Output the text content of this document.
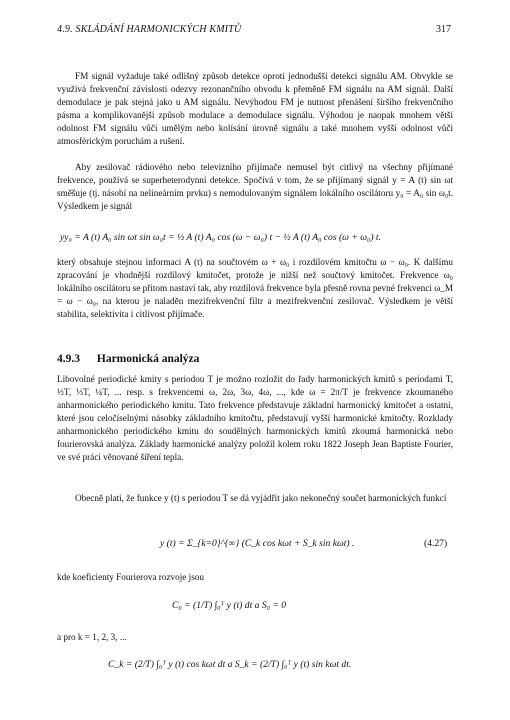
4.9. SKLÁDÁNÍ HARMONICKÝCH KMITŮ	317
FM signál vyžaduje také odlišný způsob detekce oproti jednodušší detekci signálu AM. Obvykle se využívá frekvenční závislosti odezvy rezonančního obvodu k přeměně FM signálu na AM signál. Další demodulace je pak stejná jako u AM signálu. Nevýhodou FM je nutnost přenášení širšího frekvenčního pásma a komplikovanější způsob modulace a demodulace signálu. Výhodou je naopak mnohem větší odolnost FM signálu vůči umělým nebo kolísání úrovně signálu a také mnohem vyšší odolnost vůči atmosférickým poruchám a rušení.
Aby zesilovač rádiového nebo televizního přijímače nemusel být citlivý na všechny přijímané frekvence, používá se superheterodynní detekce. Spočívá v tom, že se přijímaný signál y = A (t) sin ωt směšuje (tj. násobí na nelineárním prvku) s nemodulovaným signálem lokálního oscilátoru y₀ = A₀ sin ω₀t. Výsledkem je signál
yy₀ = A (t) A₀ sin ωt sin ω₀t = ½ A (t) A₀ cos (ω − ω₀) t − ½ A (t) A₀ cos (ω + ω₀) t.
který obsahuje stejnou informaci A (t) na součtovém ω + ω₀ i rozdílovém kmitočtu ω − ω₀. K dalšímu zpracování je vhodnější rozdílový kmitočet, protože je nižší než součtový kmitočet. Frekvence ω₀ lokálního oscilátoru se přitom nastaví tak, aby rozdílová frekvence byla přesně rovna pevné frekvenci ω_M = ω − ω₀, na kterou je naladěn mezifrekvenční filtr a mezifrekvenční zesilovač. Výsledkem je větší stabilita, selektivita i citlivost přijímače.
4.9.3 Harmonická analýza
Libovolné periodické kmity s periodou T je možno rozložit do řady harmonických kmitů s periodami T, ½T, ⅓T, ¼T, ... resp. s frekvencemi ω, 2ω, 3ω, 4ω, ..., kde ω = 2π/T je frekvence zkoumaného anharmonického periodického kmitu. Tato frekvence představuje základní harmonický kmitočet a ostatní, které jsou celočíselnými násobky základního kmitočtu, představují vyšší harmonické kmitočty. Rozklady anharmonického periodického kmitu do soudělných harmonických kmitů zkoumá harmonická nebo fourierovská analýza. Základy harmonické analýzy položil kolem roku 1822 Joseph Jean Baptiste Fourier, ve své práci věnované šíření tepla.
Obecně platí, že funkce y (t) s periodou T se dá vyjádřit jako nekonečný součet harmonických funkcí
y (t) = Σ_{k=0}^{∞} (C_k cos kωt + S_k sin kωt) .	(4.27)
kde koeficienty Fourierova rozvoje jsou
C₀ = (1/T) ∫₀ᵀ y (t) dt a S₀ = 0
a pro k = 1, 2, 3, ...
C_k = (2/T) ∫₀ᵀ y (t) cos kωt dt a S_k = (2/T) ∫₀ᵀ y (t) sin kωt dt.
